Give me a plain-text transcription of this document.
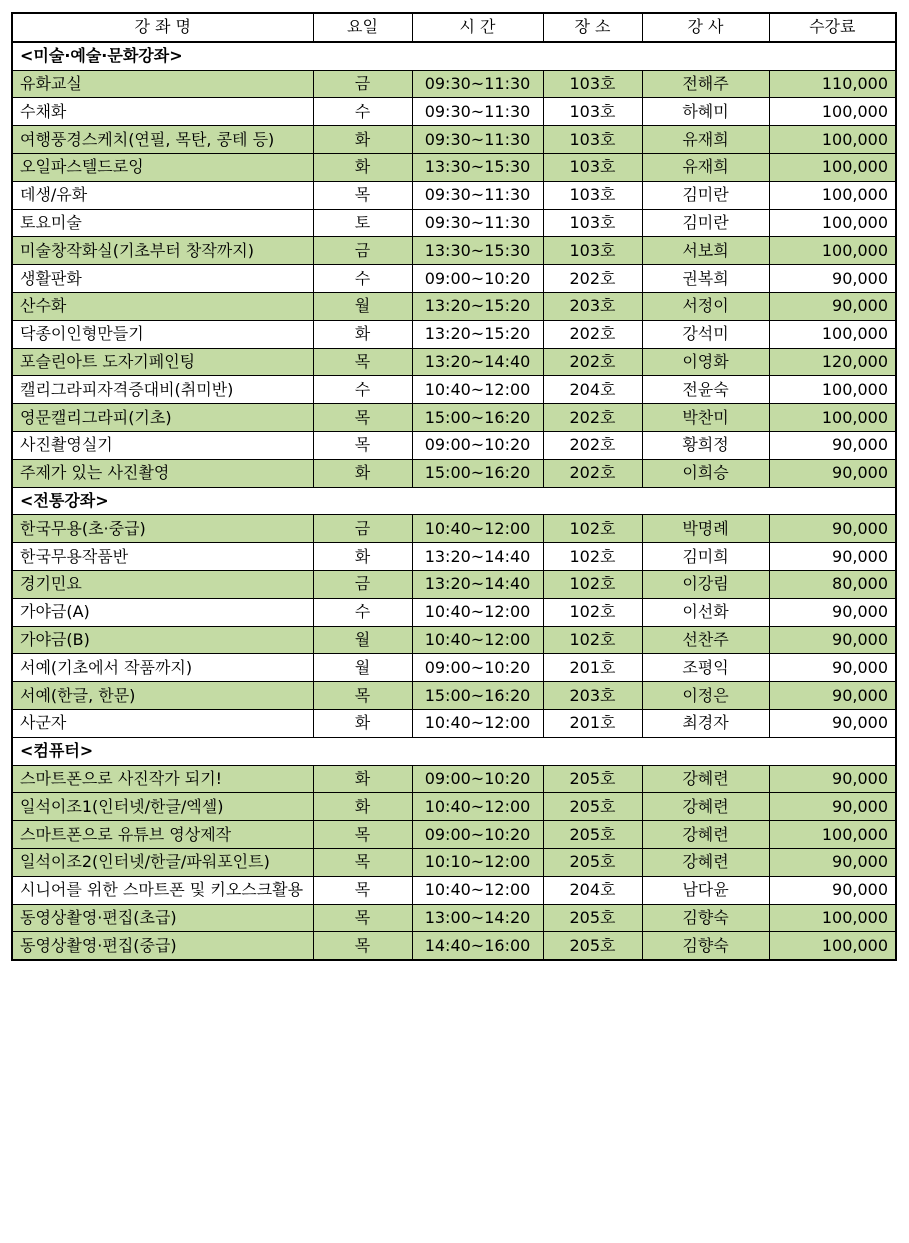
강 좌 명	요일	시 간	장 소	강 사	수강료
<미술·예술·문화강좌>					
유화교실	금	09:30~11:30	103호	전해주	110,000
수채화	수	09:30~11:30	103호	하혜미	100,000
여행풍경스케치(연필, 목탄, 콩테 등)	화	09:30~11:30	103호	유재희	100,000
오일파스텔드로잉	화	13:30~15:30	103호	유재희	100,000
데생/유화	목	09:30~11:30	103호	김미란	100,000
토요미술	토	09:30~11:30	103호	김미란	100,000
미술창작화실(기초부터 창작까지)	금	13:30~15:30	103호	서보희	100,000
생활판화	수	09:00~10:20	202호	권복희	90,000
산수화	월	13:20~15:20	203호	서정이	90,000
닥종이인형만들기	화	13:20~15:20	202호	강석미	100,000
포슬린아트 도자기페인팅	목	13:20~14:40	202호	이영화	120,000
캘리그라피자격증대비(취미반)	수	10:40~12:00	204호	전윤숙	100,000
영문캘리그라피(기초)	목	15:00~16:20	202호	박찬미	100,000
사진촬영실기	목	09:00~10:20	202호	황희정	90,000
주제가 있는 사진촬영	화	15:00~16:20	202호	이희승	90,000
<전통강좌>					
한국무용(초·중급)	금	10:40~12:00	102호	박명례	90,000
한국무용작품반	화	13:20~14:40	102호	김미희	90,000
경기민요	금	13:20~14:40	102호	이강림	80,000
가야금(A)	수	10:40~12:00	102호	이선화	90,000
가야금(B)	월	10:40~12:00	102호	선찬주	90,000
서예(기초에서 작품까지)	월	09:00~10:20	201호	조평익	90,000
서예(한글, 한문)	목	15:00~16:20	203호	이정은	90,000
사군자	화	10:40~12:00	201호	최경자	90,000
<컴퓨터>					
스마트폰으로 사진작가 되기!	화	09:00~10:20	205호	강혜련	90,000
일석이조1(인터넷/한글/엑셀)	화	10:40~12:00	205호	강혜련	90,000
스마트폰으로 유튜브 영상제작	목	09:00~10:20	205호	강혜련	100,000
일석이조2(인터넷/한글/파워포인트)	목	10:10~12:00	205호	강혜련	90,000
시니어를 위한 스마트폰 및 키오스크활용	목	10:40~12:00	204호	남다윤	90,000
동영상촬영·편집(초급)	목	13:00~14:20	205호	김향숙	100,000
동영상촬영·편집(중급)	목	14:40~16:00	205호	김향숙	100,000
